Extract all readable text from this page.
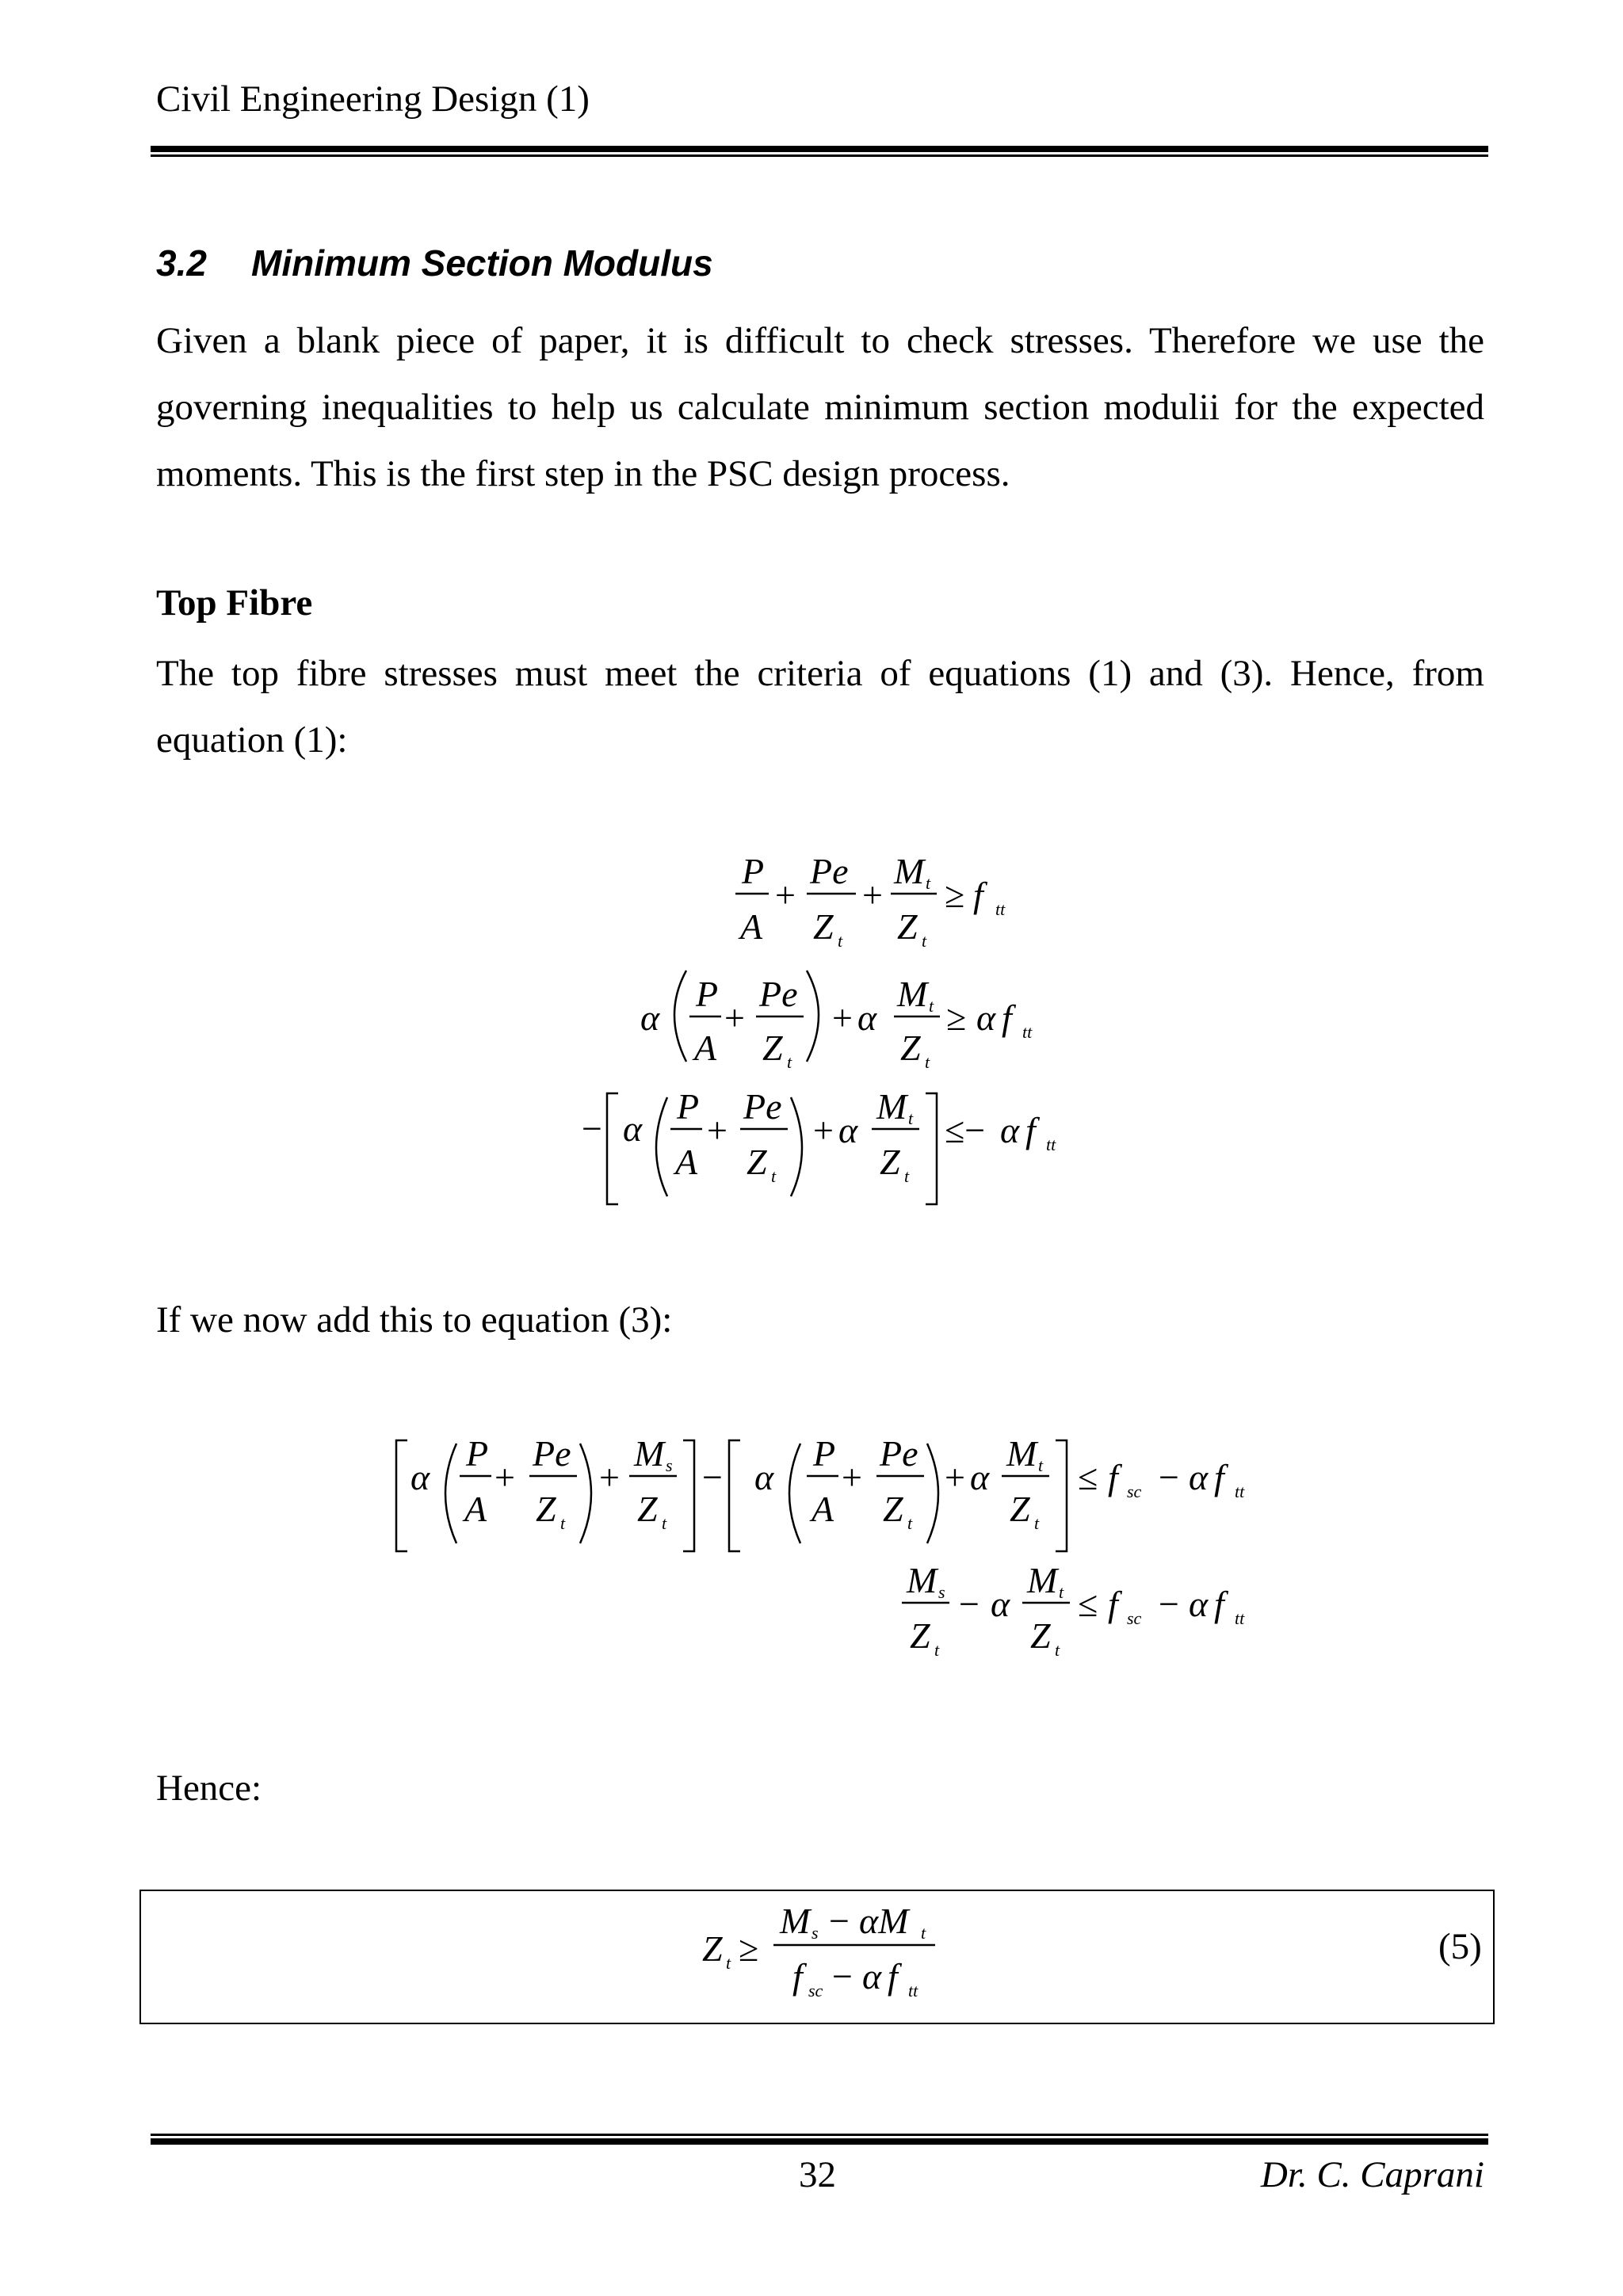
Civil Engineering Design (1)
3.2 Minimum Section Modulus
Given a blank piece of paper, it is difficult to check stresses. Therefore we use the governing inequalities to help us calculate minimum section modulii for the expected moments. This is the first step in the PSC design process.
Top Fibre
The top fibre stresses must meet the criteria of equations (1) and (3). Hence, from equation (1):
P
A
+
Pe
Z t
+
M t
Z t
≥ f tt
α
P
A
+
Pe
Z t
+ α
M t
Z t
≥ α f tt
− α
P
A
+
Pe
Z t
+ α
M t
Z t
≤− α f tt
If we now add this to equation (3):
α
P
A
+
Pe
Z t
+
M s
Z t
− α
P
A
+
Pe
Z t
+ α
M t
Z t
≤ f sc − α f tt
M s
Z t
− α
M t
Z t
≤ f sc − α f tt
Hence:
Z t ≥
M s − αM t
f sc − α f tt
(5)
32	Dr. C. Caprani
